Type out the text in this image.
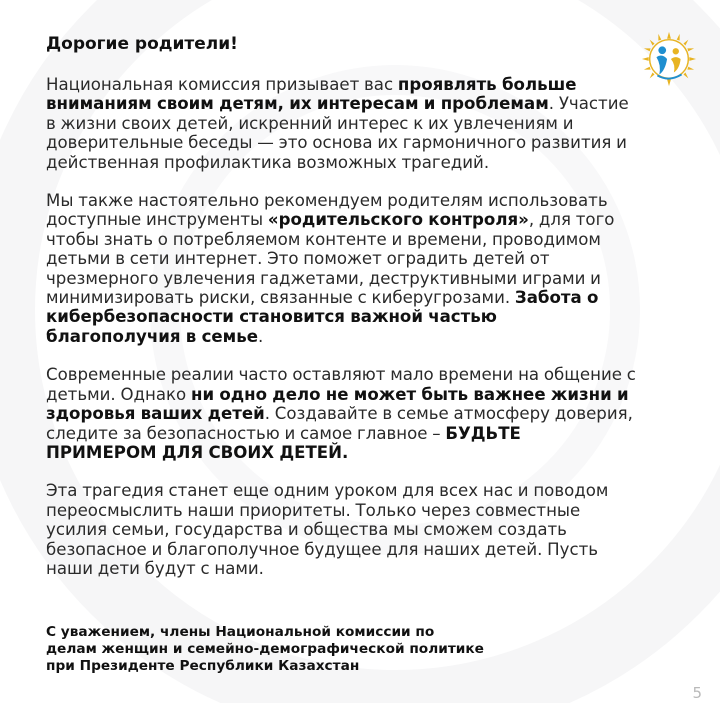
Дорогие родители!

Национальная комиссия призывает вас проявлять больше вниманиям своим детям, их интересам и проблемам. Участие в жизни своих детей, искренний интерес к их увлечениям и доверительные беседы — это основа их гармоничного развития и действенная профилактика возможных трагедий.

Мы также настоятельно рекомендуем родителям использовать доступные инструменты «родительского контроля», для того чтобы знать о потребляемом контенте и времени, проводимом детьми в сети интернет. Это поможет оградить детей от чрезмерного увлечения гаджетами, деструктивными играми и минимизировать риски, связанные с киберугрозами. Забота о кибербезопасности становится важной частью благополучия в семье.

Современные реалии часто оставляют мало времени на общение с детьми. Однако ни одно дело не может быть важнее жизни и здоровья ваших детей. Создавайте в семье атмосферу доверия, следите за безопасностью и самое главное – БУДЬТЕ ПРИМЕРОМ ДЛЯ СВОИХ ДЕТЕЙ.

Эта трагедия станет еще одним уроком для всех нас и поводом переосмыслить наши приоритеты. Только через совместные усилия семьи, государства и общества мы сможем создать безопасное и благополучное будущее для наших детей. Пусть наши дети будут с нами.

С уважением, члены Национальной комиссии по
делам женщин и семейно-демографической политике
при Президенте Республики Казахстан
5
